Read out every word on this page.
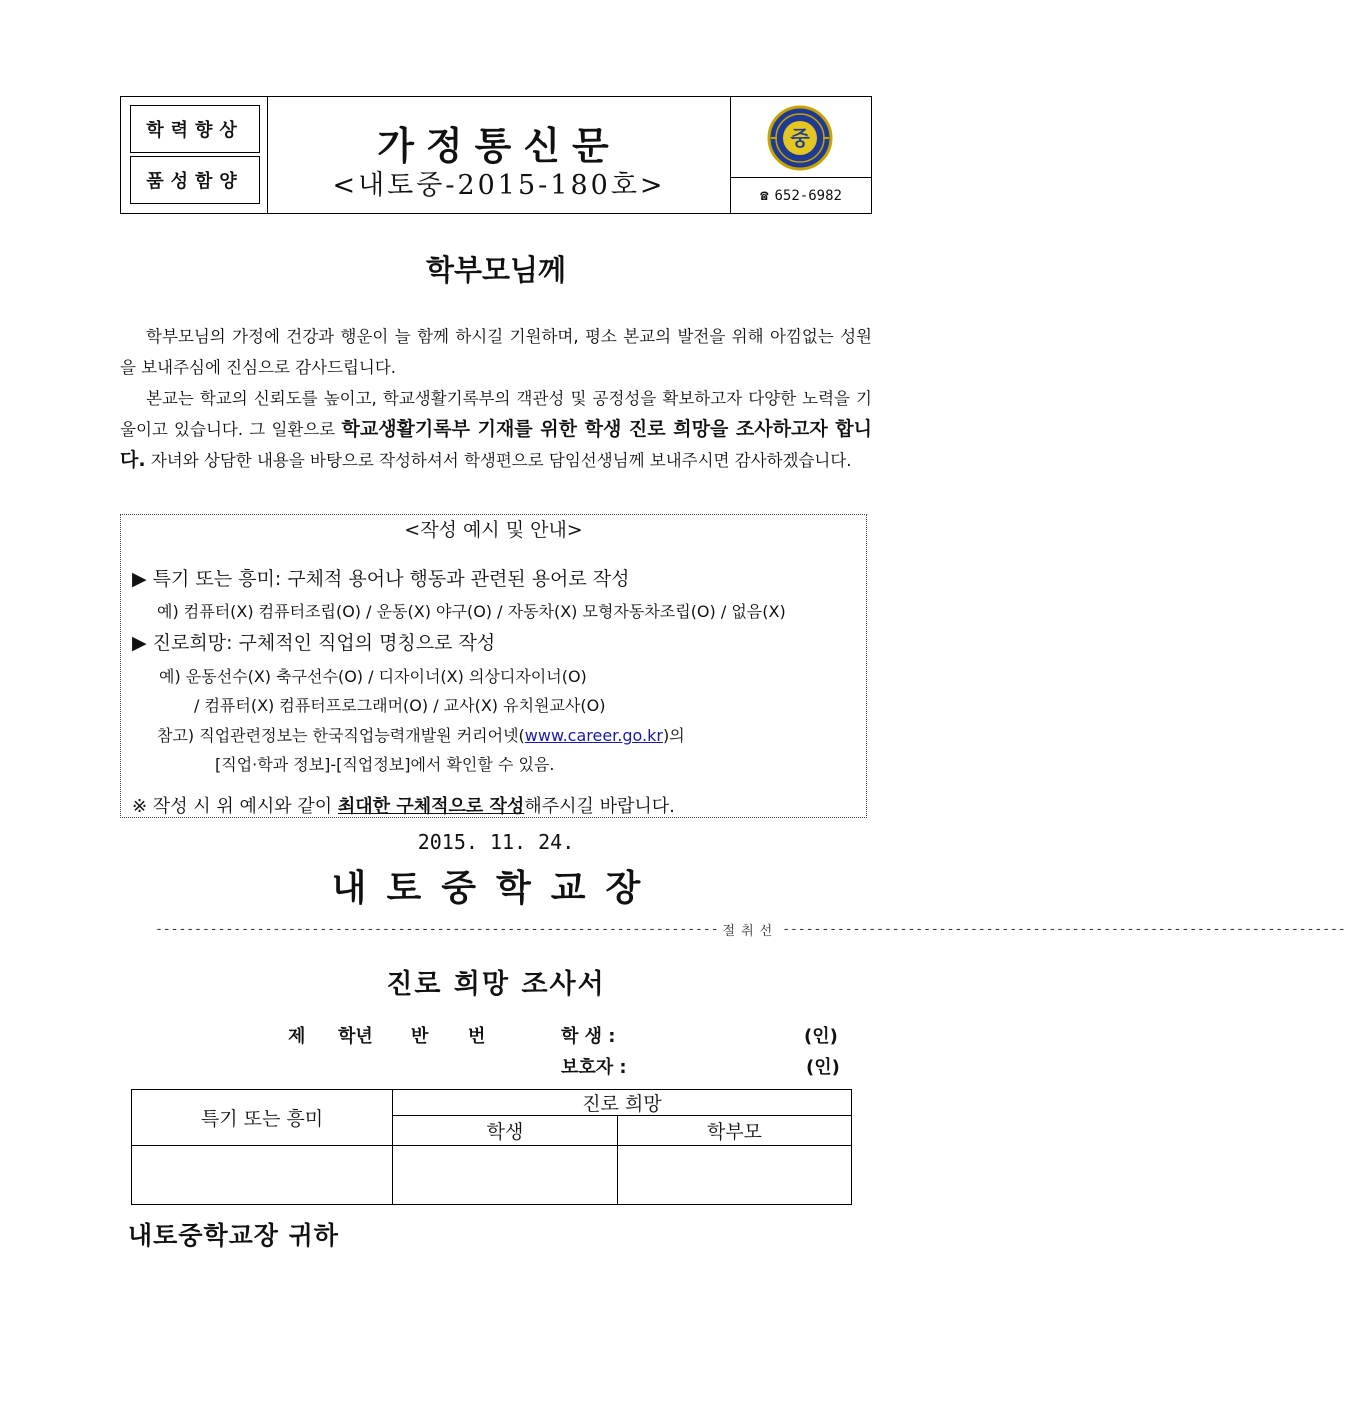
학력향상
품성함양
가정통신문
<내토중-2015-180호>
중
☎ 652-6982
학부모님께
학부모님의 가정에 건강과 행운이 늘 함께 하시길 기원하며, 평소 본교의 발전을 위해 아낌없는 성원을 보내주심에 진심으로 감사드립니다.
본교는 학교의 신뢰도를 높이고, 학교생활기록부의 객관성 및 공정성을 확보하고자 다양한 노력을 기울이고 있습니다. 그 일환으로 학교생활기록부 기재를 위한 학생 진로 희망을 조사하고자 합니다. 자녀와 상담한 내용을 바탕으로 작성하셔서 학생편으로 담임선생님께 보내주시면 감사하겠습니다.
<작성 예시 및 안내>
▶ 특기 또는 흥미: 구체적 용어나 행동과 관련된 용어로 작성
예) 컴퓨터(X) 컴퓨터조립(O) / 운동(X) 야구(O) / 자동차(X) 모형자동차조립(O) / 없음(X)
▶ 진로희망: 구체적인 직업의 명칭으로 작성
예) 운동선수(X) 축구선수(O) / 디자이너(X) 의상디자이너(O)
/ 컴퓨터(X) 컴퓨터프로그래머(O) / 교사(X) 유치원교사(O)
참고) 직업관련정보는 한국직업능력개발원 커리어넷(www.career.go.kr)의
[직업·학과 정보]-[직업정보]에서 확인할 수 있음.
※ 작성 시 위 예시와 같이 최대한 구체적으로 작성해주시길 바랍니다.
2015. 11. 24.
내토중학교장
------------------------------------------------------------------------ 절취선 ------------------------------------------------------------------------
진로 희망 조사서
제 학년 반 번	학 생 :	(인)
보호자 :	(인)
특기 또는 흥미
진로 희망
학생	학부모
내토중학교장 귀하
